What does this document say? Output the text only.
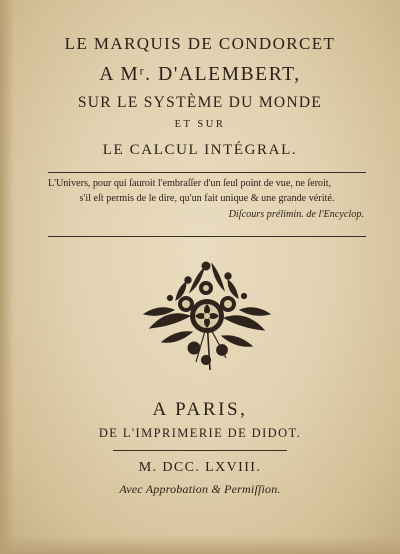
LE MARQUIS DE CONDORCET
A Mʳ. D'ALEMBERT,
SUR LE SYSTÈME DU MONDE
ET SUR
LE CALCUL INTÉGRAL.
L'Univers, pour qui ſauroit l'embraſſer d'un ſeul point de vue, ne ſeroit,
s'il eſt permis de le dire, qu'un fait unique & une grande vérité.
Diſcours prélimin. de l'Encyclop.
A PARIS,
DE L'IMPRIMERIE DE DIDOT.
M. DCC. LXVIII.
Avec Approbation & Permiſſion.
